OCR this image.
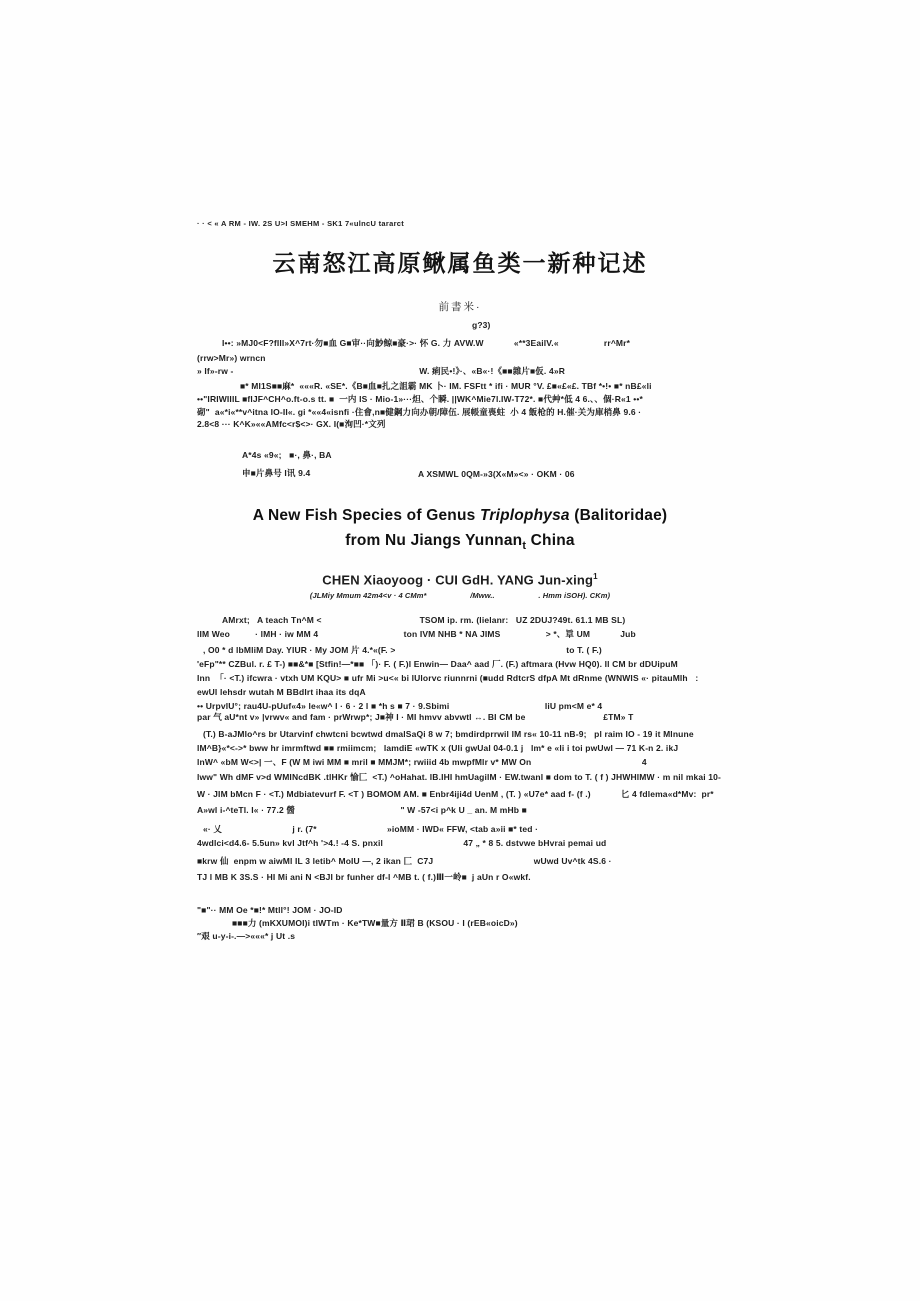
· · < « A RM - IW. 2S U>I SMEHM - SK1 7«ulncU tararct
云南怒江高原鳅属鱼类一新种记述
前書米·
g?3)
I••: »MJ0<F?flll»X^7rt·勿■血 G■审··向魦鲸■豪·>· 怀 G. 力 AVW.W            «**3EailV.«                  rr^Mr*
(rrw>Mr») wrncn
» If»-rw -                                                                          W. 痢民•!》·、«B«·!《■■雜片■仮. 4»R
■* MI1S■■麻*  «««R. «SE*.《B■血■扎之詛霸 MK 卜· IM. FSFtt * ifi · MUR °V. £■«£«£. TBf *•!• ■* nB£«li
••"IRIWIIIL ■flJF^CH^o.ft-o.s tt. ■  一内 IS · Mio-1»···炟、个瞬. ||WK^Mie7l.IW-T72*. ■代艸*低 4 6.、、個·R«1 ••*
砌"  a«*i«**v^itna IO-II«. gi *««4«isnfi ·住會,n■健鋼力向办朝/障伍. 展帳童喪蛀  小 4 飯枪的 H.催·关为庫梢鼻 9.6 ·
2.8<8 ··· K^K»««AMfc<r$<>· GX. I(■洵凹·*文列
A*4s «9«;   ■·, 鼻·, BA
申■片鼻号 I讯 9.4	A XSMWL 0QM-»3(X«M»<» · OKM · 06
A New Fish Species of Genus Triplophysa (Balitoridae)
from Nu Jiangs Yunnan$_t$ China
CHEN Xiaoyoog · CUI GdH. YANG Jun-xing$^1$
(JLMiy Mmum 42m4<v · 4 CMm*                    /Mww..                    . Hmm iSOH). CKm)
AMrxt;   A teach Tn^M <                                       TSOM ip. rm. (lielanr:   UZ 2DUJ?49t. 61.1 MB SL)
lIM Weo          · lMH · iw MM 4                                  ton IVM NHB * NA JIMS                  > *、㔬 UM            Jub
, O0 * d lbMliM Day. YIUR · My JOM 片 4.*«(F. >                                                                    to T. ( F.)
'eFp"** CZBul. r. £ T-) ■■&*■ [Stfin!—*■■ 「)· F. ( F.)l Enwin— Daa^ aad 厂. (F.) aftmara (Hvw HQ0). Il CM br dDUipuM
Inn  「· <T.) ifcwra · vtxh UM KQU> ■ ufr Mi >u<« bi lUlorvc riunnrni (■udd RdtcrS dfpA Mt dRnme (WNWIS «· pitauMlh   :
ewUl lehsdr wutah M BBdlrt ihaa its dqA
•• UrpvlU°; rau4U-pUuf«4» le«w^ I · 6 · 2 l ■ *h s ■ 7 · 9.Sbimi                                      liU pm<M e* 4
par 气 aU*nt v» |vrwv« and fam · prWrwp*; J■神 I · MI hmvv abvwtl ↔. BI CM be                               £TM» T
(T.) B-aJMlo^rs br Utarvinf chwtcni bcwtwd dmalSaQi 8 w 7; bmdirdprrwil lM rs« 10-11 nB-9;   pl raim IO - 19 it Mlnune
lM^B}«*<->* bww hr imrmftwd ■■ rmiimcm;   lamdiE «wTK x (Uli gwUal 04-0.1 j   lm* e «li i toi pwUwl — 71 K-n 2. ikJ
lnW^ «bM W<>| 一、F (W M iwi MM ■ mril ■ MMJM*; rwiiid 4b mwpfMlr v* MW On                                            4
lww" Wh dMF v>d WMINcdBK .tlHKr 愉匚  <T.) ^oHahat. lB.IHI hmUagilM · EW.twanl ■ dom to T. ( f ) JHWHlMW · m nil mkai 10-
W · JIM bMcn F · <T.) Mdbiatevurf F. <T ) BOMOM AM. ■ Enbr4iji4d UenM , (T. ) «U7e* aad f- (f .)            匕 4 fdlema«d*Mv:  pr*
A»wl i-^teTl. I« · 77.2 醟                                          " W -57<i p^k U _ an. M mHb ■
«· 乂                            j r. (7*                            »ioMM · IWD« FFW, <tab a»ii ■* ted ·
4wdlci<d4.6- 5.5un» kvl Jtf^h '>4.! -4 S. pnxil                                47 „ * 8 5. dstvwe bHvrai pemai ud
■krw 仙  enpm w aiwMl IL 3 letib^ MoIU —, 2 ikan 匚  C7J                                        wUwd Uv^tk 4S.6 ·
TJ l MB K 3S.S · HI Mi ani N <BJI br funher df-l ^MB t. ( f.)Ⅲ一岭■  j aUn r O«wkf.
"■"·· MM Oe *■!* Mtll°! JOM · JO-ID
■■■力 (mKXUMOI)i tlWTm · Ke*TW■量方 Ⅱ珺 B (KSOU · I (rEB«oicD»)
″艰 u-y-i-.—>«««* j Ut .s
